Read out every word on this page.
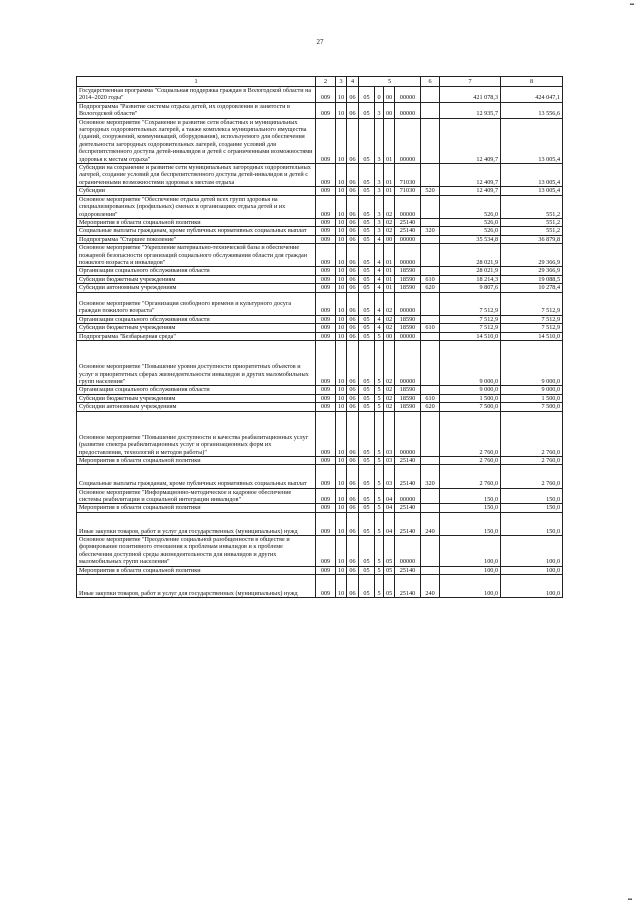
▪▪
27
1	2	3	4	5				6	7	8
Государственная программа "Социальная поддержка граждан в Вологодской области на 2014–2020 годы"	009	10	06	05	0	00	00000		421 078,3	424 047,1
Подпрограмма "Развитие системы отдыха детей, их оздоровления и занятости в Вологодской области"	009	10	06	05	3	00	00000		12 935,7	13 556,6
Основное мероприятие "Сохранение и развитие сети областных и муниципальных загородных оздоровительных лагерей, а также комплекса муниципального имущества (зданий, сооружений, коммуникаций, оборудования), используемого для обеспечения деятельности загородных оздоровительных лагерей, создание условий для беспрепятственного доступа детей-инвалидов и детей с ограниченными возможностями здоровья к местам отдыха"	009	10	06	05	3	01	00000		12 409,7	13 005,4
Субсидии на сохранение и развитие сети муниципальных загородных оздоровительных лагерей, создание условий для беспрепятственного доступа детей-инвалидов и детей с ограниченными возможностями здоровья к местам отдыха	009	10	06	05	3	01	71030		12 409,7	13 005,4
Субсидии	009	10	06	05	3	01	71030	520	12 409,7	13 005,4
Основное мероприятие "Обеспечение отдыха детей всех групп здоровья на специализированных (профильных) сменах в организациях отдыха детей и их оздоровления"	009	10	06	05	3	02	00000		526,0	551,2
Мероприятия в области социальной политики	009	10	06	05	3	02	25140		526,0	551,2
Социальные выплаты гражданам, кроме публичных нормативных социальных выплат	009	10	06	05	3	02	25140	320	526,0	551,2
Подпрограмма "Старшее поколение"	009	10	06	05	4	00	00000		35 534,8	36 879,8
Основное мероприятие "Укрепление материально-технической базы и обеспечение пожарной безопасности организаций социального обслуживания области для граждан пожилого возраста и инвалидов"	009	10	06	05	4	01	00000		28 021,9	29 366,9
Организации социального обслуживания области	009	10	06	05	4	01	18590		28 021,9	29 366,9
Субсидии бюджетным учреждениям	009	10	06	05	4	01	18590	610	18 214,3	19 088,5
Субсидии автономным учреждениям	009	10	06	05	4	01	18590	620	9 807,6	10 278,4
Основное мероприятие "Организация свободного времени и культурного досуга граждан пожилого возраста"	009	10	06	05	4	02	00000		7 512,9	7 512,9
Организации социального обслуживания области	009	10	06	05	4	02	18590		7 512,9	7 512,9
Субсидии бюджетным учреждениям	009	10	06	05	4	02	18590	610	7 512,9	7 512,9
Подпрограмма "Безбарьерная среда"	009	10	06	05	5	00	00000		14 510,0	14 510,0
Основное мероприятие "Повышение уровня доступности приоритетных объектов и услуг в приоритетных сферах жизнедеятельности инвалидов и других маломобильных групп населения"	009	10	06	05	5	02	00000		9 000,0	9 000,0
Организации социального обслуживания области	009	10	06	05	5	02	18590		9 000,0	9 000,0
Субсидии бюджетным учреждениям	009	10	06	05	5	02	18590	610	1 500,0	1 500,0
Субсидии автономным учреждениям	009	10	06	05	5	02	18590	620	7 500,0	7 500,0
Основное мероприятие "Повышение доступности и качества реабилитационных услуг (развитие спектра реабилитационных услуг и организационных форм их предоставления, технологий и методов работы)"	009	10	06	05	5	03	00000		2 760,0	2 760,0
Мероприятия в области социальной политики	009	10	06	05	5	03	25140		2 760,0	2 760,0
Социальные выплаты гражданам, кроме публичных нормативных социальных выплат	009	10	06	05	5	03	25140	320	2 760,0	2 760,0
Основное мероприятие "Информационно-методическое и кадровое обеспечение системы реабилитации и социальной интеграции инвалидов"	009	10	06	05	5	04	00000		150,0	150,0
Мероприятия в области социальной политики	009	10	06	05	5	04	25140		150,0	150,0
Иные закупки товаров, работ и услуг для государственных (муниципальных) нужд	009	10	06	05	5	04	25140	240	150,0	150,0
Основное мероприятие "Преодоление социальной разобщенности в обществе и формирование позитивного отношения к проблемам инвалидов и к проблеме обеспечения доступной среды жизнедеятельности для инвалидов и других маломобильных групп населения"	009	10	06	05	5	05	00000		100,0	100,0
Мероприятия в области социальной политики	009	10	06	05	5	05	25140		100,0	100,0
Иные закупки товаров, работ и услуг для государственных (муниципальных) нужд	009	10	06	05	5	05	25140	240	100,0	100,0
▪▪
